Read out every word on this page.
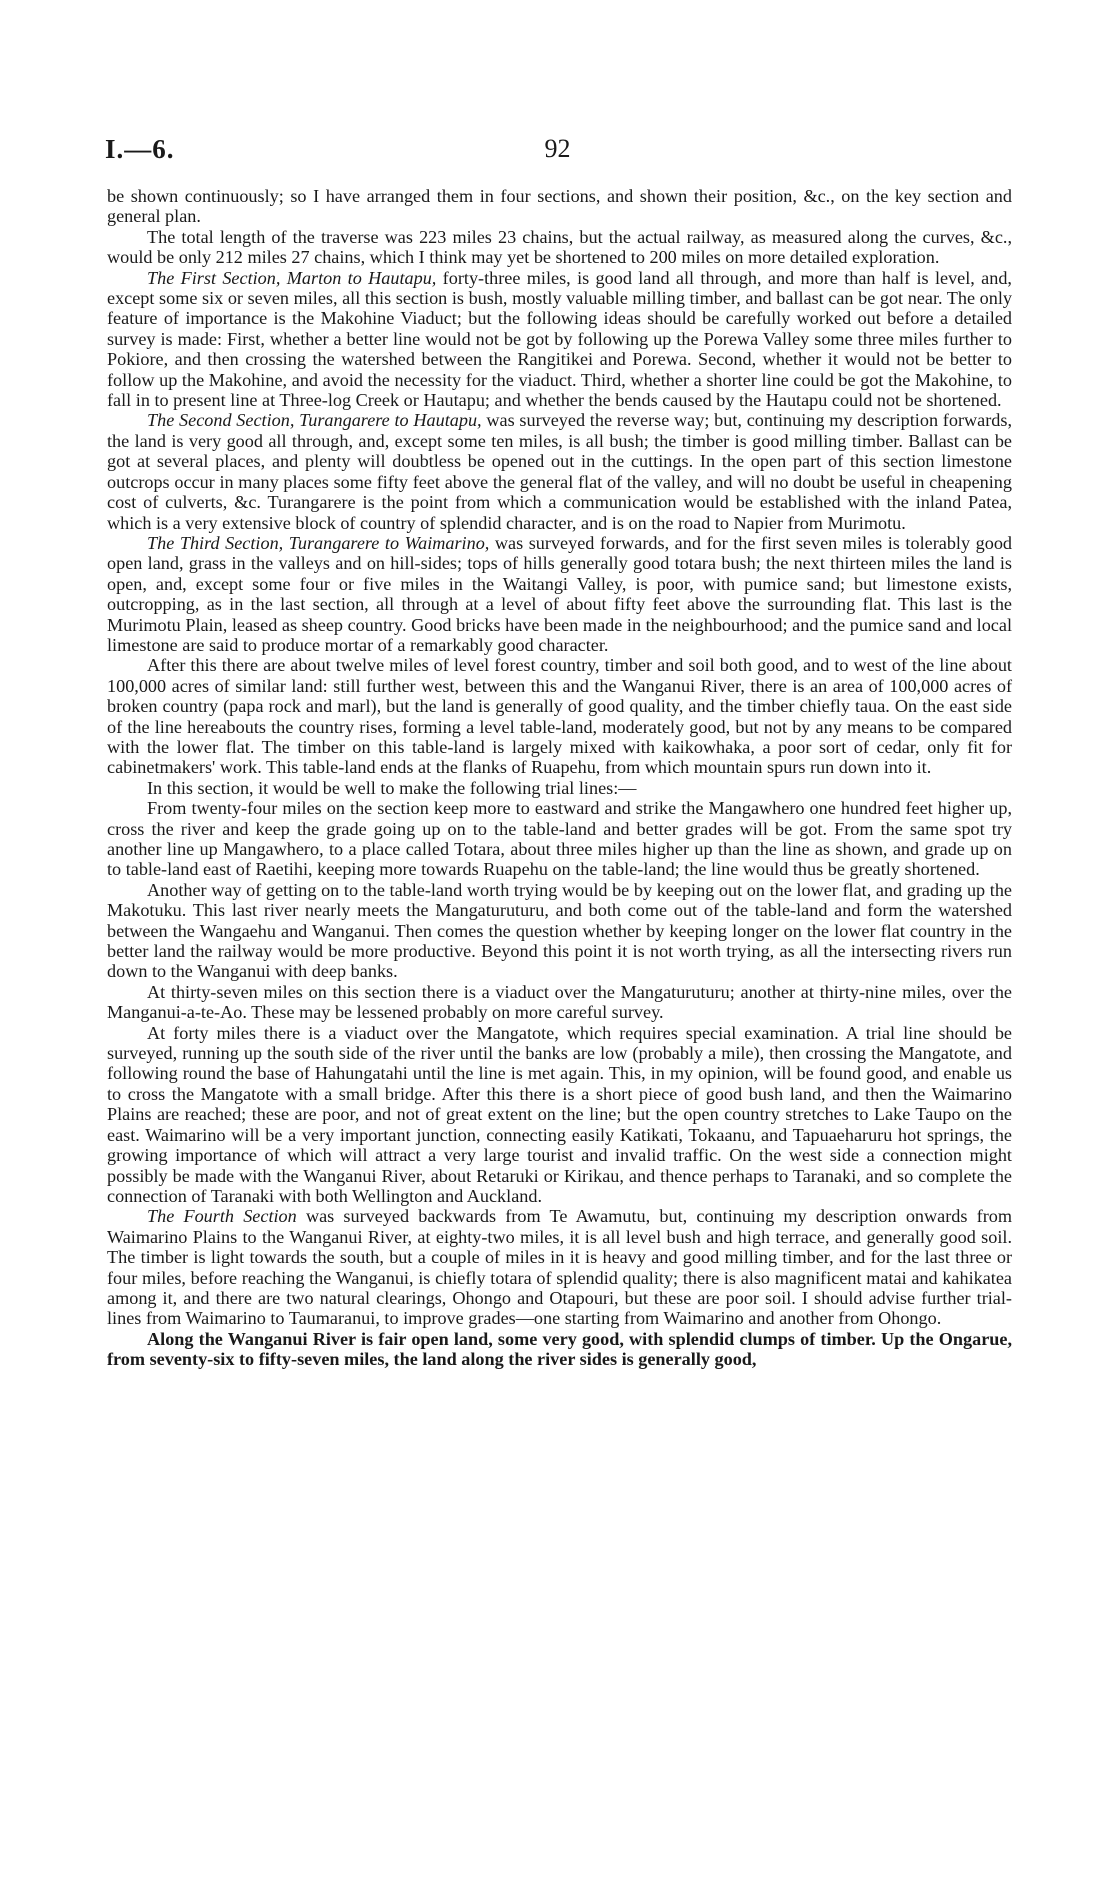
I.—6.	92

be shown continuously; so I have arranged them in four sections, and shown their position, &c., on the key section and general plan.

The total length of the traverse was 223 miles 23 chains, but the actual railway, as measured along the curves, &c., would be only 212 miles 27 chains, which I think may yet be shortened to 200 miles on more detailed exploration.

The First Section, Marton to Hautapu, forty-three miles, is good land all through, and more than half is level, and, except some six or seven miles, all this section is bush, mostly valuable milling timber, and ballast can be got near. The only feature of importance is the Makohine Viaduct; but the following ideas should be carefully worked out before a detailed survey is made: First, whether a better line would not be got by following up the Porewa Valley some three miles further to Pokiore, and then crossing the watershed between the Rangitikei and Porewa. Second, whether it would not be better to follow up the Makohine, and avoid the necessity for the viaduct. Third, whether a shorter line could be got the Makohine, to fall in to present line at Three-log Creek or Hautapu; and whether the bends caused by the Hautapu could not be shortened.

The Second Section, Turangarere to Hautapu, was surveyed the reverse way; but, continuing my description forwards, the land is very good all through, and, except some ten miles, is all bush; the timber is good milling timber. Ballast can be got at several places, and plenty will doubtless be opened out in the cuttings. In the open part of this section limestone outcrops occur in many places some fifty feet above the general flat of the valley, and will no doubt be useful in cheapening cost of culverts, &c. Turangarere is the point from which a communication would be established with the inland Patea, which is a very extensive block of country of splendid character, and is on the road to Napier from Murimotu.

The Third Section, Turangarere to Waimarino, was surveyed forwards, and for the first seven miles is tolerably good open land, grass in the valleys and on hill-sides; tops of hills generally good totara bush; the next thirteen miles the land is open, and, except some four or five miles in the Waitangi Valley, is poor, with pumice sand; but limestone exists, outcropping, as in the last section, all through at a level of about fifty feet above the surrounding flat. This last is the Murimotu Plain, leased as sheep country. Good bricks have been made in the neighbourhood; and the pumice sand and local limestone are said to produce mortar of a remarkably good character.

After this there are about twelve miles of level forest country, timber and soil both good, and to west of the line about 100,000 acres of similar land: still further west, between this and the Wanganui River, there is an area of 100,000 acres of broken country (papa rock and marl), but the land is generally of good quality, and the timber chiefly taua. On the east side of the line hereabouts the country rises, forming a level table-land, moderately good, but not by any means to be compared with the lower flat. The timber on this table-land is largely mixed with kaikowhaka, a poor sort of cedar, only fit for cabinetmakers' work. This table-land ends at the flanks of Ruapehu, from which mountain spurs run down into it.

In this section, it would be well to make the following trial lines:—

From twenty-four miles on the section keep more to eastward and strike the Mangawhero one hundred feet higher up, cross the river and keep the grade going up on to the table-land and better grades will be got. From the same spot try another line up Mangawhero, to a place called Totara, about three miles higher up than the line as shown, and grade up on to table-land east of Raetihi, keeping more towards Ruapehu on the table-land; the line would thus be greatly shortened.

Another way of getting on to the table-land worth trying would be by keeping out on the lower flat, and grading up the Makotuku. This last river nearly meets the Mangaturuturu, and both come out of the table-land and form the watershed between the Wangaehu and Wanganui. Then comes the question whether by keeping longer on the lower flat country in the better land the railway would be more productive. Beyond this point it is not worth trying, as all the intersecting rivers run down to the Wanganui with deep banks.

At thirty-seven miles on this section there is a viaduct over the Mangaturuturu; another at thirty-nine miles, over the Manganui-a-te-Ao. These may be lessened probably on more careful survey.

At forty miles there is a viaduct over the Mangatote, which requires special examination. A trial line should be surveyed, running up the south side of the river until the banks are low (probably a mile), then crossing the Mangatote, and following round the base of Hahungatahi until the line is met again. This, in my opinion, will be found good, and enable us to cross the Mangatote with a small bridge. After this there is a short piece of good bush land, and then the Waimarino Plains are reached; these are poor, and not of great extent on the line; but the open country stretches to Lake Taupo on the east. Waimarino will be a very important junction, connecting easily Katikati, Tokaanu, and Tapuaeharuru hot springs, the growing importance of which will attract a very large tourist and invalid traffic. On the west side a connection might possibly be made with the Wanganui River, about Retaruki or Kirikau, and thence perhaps to Taranaki, and so complete the connection of Taranaki with both Wellington and Auckland.

The Fourth Section was surveyed backwards from Te Awamutu, but, continuing my description onwards from Waimarino Plains to the Wanganui River, at eighty-two miles, it is all level bush and high terrace, and generally good soil. The timber is light towards the south, but a couple of miles in it is heavy and good milling timber, and for the last three or four miles, before reaching the Wanganui, is chiefly totara of splendid quality; there is also magnificent matai and kahikatea among it, and there are two natural clearings, Ohongo and Otapouri, but these are poor soil. I should advise further trial-lines from Waimarino to Taumaranui, to improve grades—one starting from Waimarino and another from Ohongo.

Along the Wanganui River is fair open land, some very good, with splendid clumps of timber. Up the Ongarue, from seventy-six to fifty-seven miles, the land along the river sides is generally good,
